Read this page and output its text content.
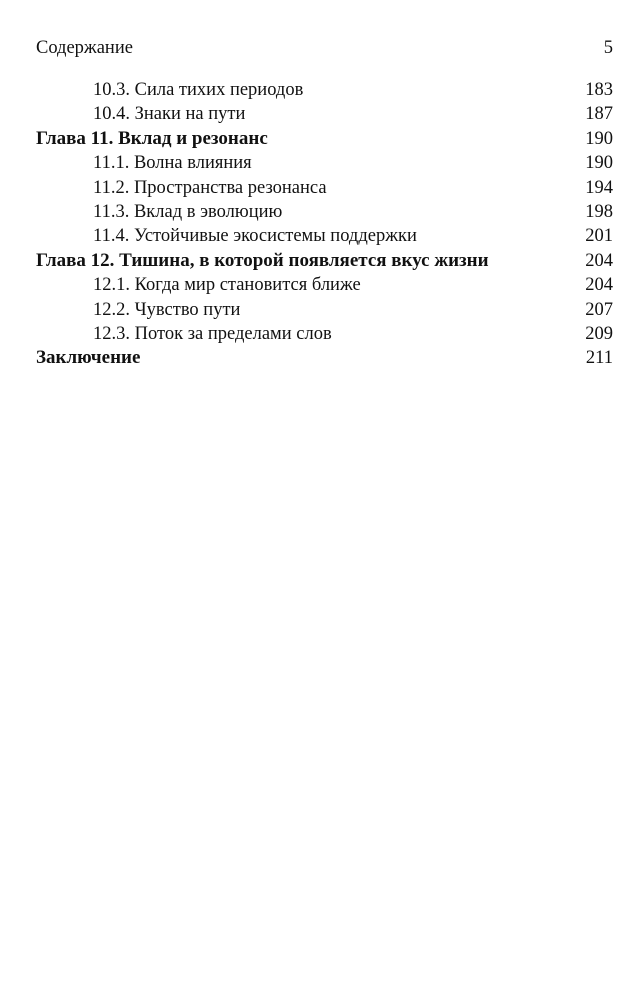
Содержание	5
10.3. Сила тихих периодов	183
10.4. Знаки на пути	187
Глава 11. Вклад и резонанс	190
11.1. Волна влияния	190
11.2. Пространства резонанса	194
11.3. Вклад в эволюцию	198
11.4. Устойчивые экосистемы поддержки	201
Глава 12. Тишина, в которой появляется вкус жизни	204
12.1. Когда мир становится ближе	204
12.2. Чувство пути	207
12.3. Поток за пределами слов	209
Заключение	211
